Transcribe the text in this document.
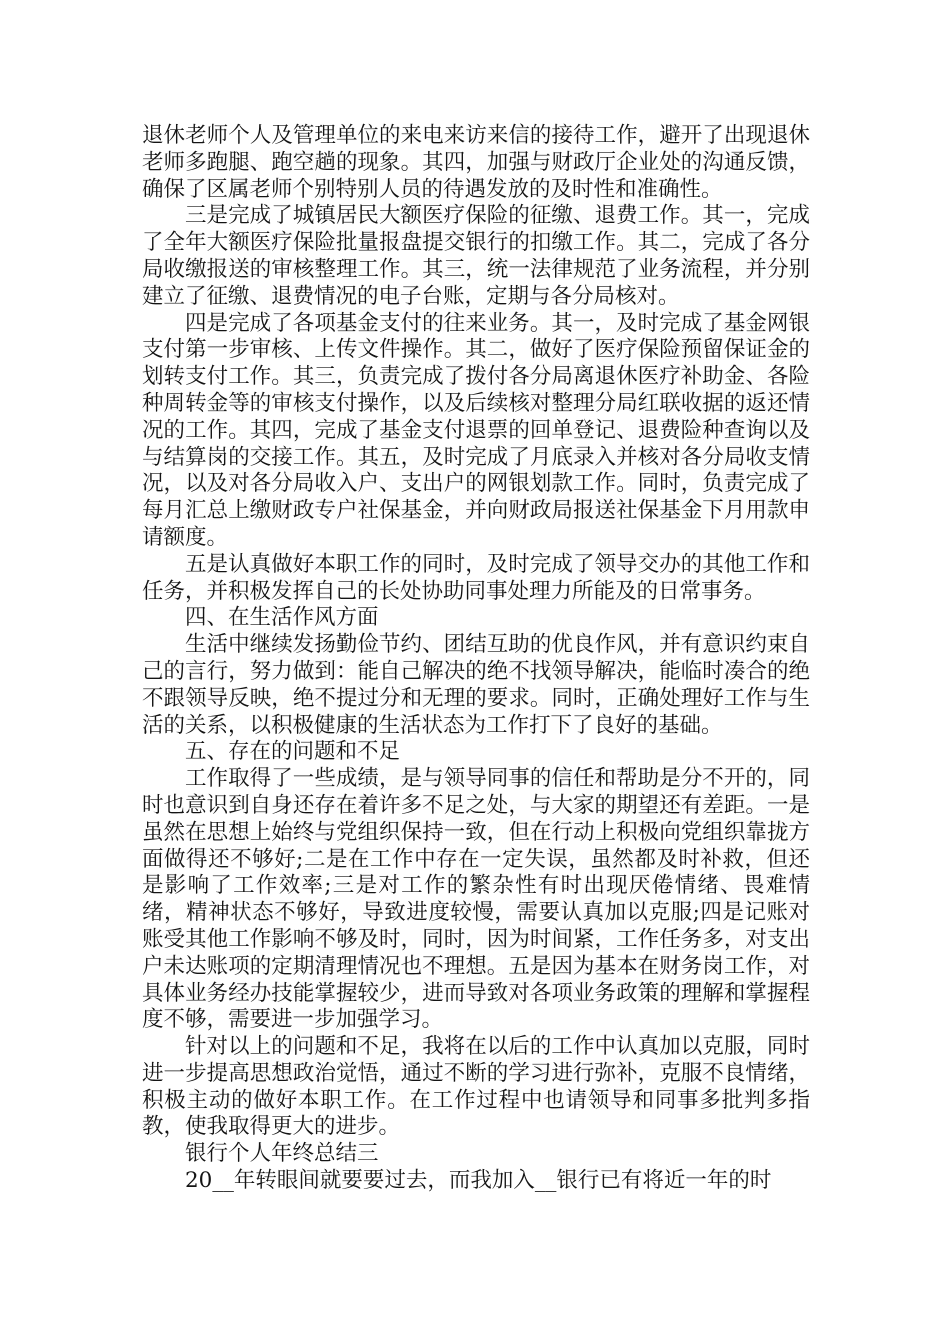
退休老师个人及管理单位的来电来访来信的接待工作，避开了出现退休老师多跑腿、跑空趟的现象。其四，加强与财政厅企业处的沟通反馈，确保了区属老师个别特别人员的待遇发放的及时性和准确性。

三是完成了城镇居民大额医疗保险的征缴、退费工作。其一，完成了全年大额医疗保险批量报盘提交银行的扣缴工作。其二，完成了各分局收缴报送的审核整理工作。其三，统一法律规范了业务流程，并分别建立了征缴、退费情况的电子台账，定期与各分局核对。

四是完成了各项基金支付的往来业务。其一，及时完成了基金网银支付第一步审核、上传文件操作。其二，做好了医疗保险预留保证金的划转支付工作。其三，负责完成了拨付各分局离退休医疗补助金、各险种周转金等的审核支付操作，以及后续核对整理分局红联收据的返还情况的工作。其四，完成了基金支付退票的回单登记、退费险种查询以及与结算岗的交接工作。其五，及时完成了月底录入并核对各分局收支情况，以及对各分局收入户、支出户的网银划款工作。同时，负责完成了每月汇总上缴财政专户社保基金，并向财政局报送社保基金下月用款申请额度。

五是认真做好本职工作的同时，及时完成了领导交办的其他工作和任务，并积极发挥自己的长处协助同事处理力所能及的日常事务。

四、在生活作风方面

生活中继续发扬勤俭节约、团结互助的优良作风，并有意识约束自己的言行，努力做到：能自己解决的绝不找领导解决，能临时凑合的绝不跟领导反映，绝不提过分和无理的要求。同时，正确处理好工作与生活的关系，以积极健康的生活状态为工作打下了良好的基础。

五、存在的问题和不足

工作取得了一些成绩，是与领导同事的信任和帮助是分不开的，同时也意识到自身还存在着许多不足之处，与大家的期望还有差距。一是虽然在思想上始终与党组织保持一致，但在行动上积极向党组织靠拢方面做得还不够好;二是在工作中存在一定失误，虽然都及时补救，但还是影响了工作效率;三是对工作的繁杂性有时出现厌倦情绪、畏难情绪，精神状态不够好，导致进度较慢，需要认真加以克服;四是记账对账受其他工作影响不够及时，同时，因为时间紧，工作任务多，对支出户未达账项的定期清理情况也不理想。五是因为基本在财务岗工作，对具体业务经办技能掌握较少，进而导致对各项业务政策的理解和掌握程度不够，需要进一步加强学习。

针对以上的问题和不足，我将在以后的工作中认真加以克服，同时进一步提高思想政治觉悟，通过不断的学习进行弥补，克服不良情绪，积极主动的做好本职工作。在工作过程中也请领导和同事多批判多指教，使我取得更大的进步。

银行个人年终总结三

20__年转眼间就要要过去，而我加入__银行已有将近一年的时
